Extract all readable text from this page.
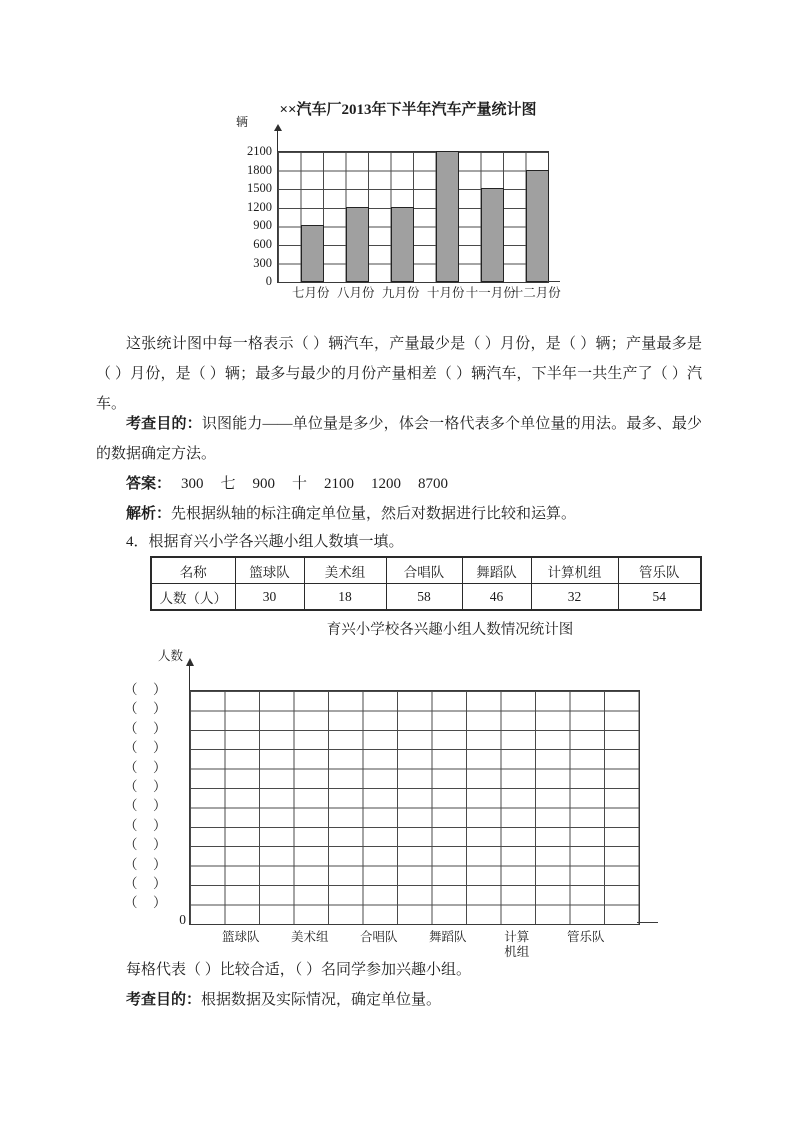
××汽车厂2013年下半年汽车产量统计图

辆
2100
1800
1500
1200
900
600
300
0
七月份 八月份 九月份 十月份 十一月份
十二月份

这张统计图中每一格表示（ ）辆汽车，产量最少是（ ）月份，是（ ）辆；产量最多是（ ）月份，是（ ）辆；最多与最少的月份产量相差（ ）辆汽车，下半年一共生产了（ ）汽车。

考查目的：识图能力——单位量是多少，体会一格代表多个单位量的用法。最多、最少的数据确定方法。

答案： 300 七 900 十 2100 1200 8700

解析：先根据纵轴的标注确定单位量，然后对数据进行比较和运算。

4．根据育兴小学各兴趣小组人数填一填。

名称	篮球队	美术组	合唱队	舞蹈队	计算机组	管乐队
人数（人）	30	18	58	46	32	54

育兴小学校各兴趣小组人数情况统计图

人数
（　）
（　）
（　）
（　）
（　）
（　）
（　）
（　）
（　）
（　）
（　）
（　）
0
篮球队	美术组	合唱队	舞蹈队	计算机组
管乐队

每格代表（ ）比较合适，（ ）名同学参加兴趣小组。

考查目的：根据数据及实际情况，确定单位量。
